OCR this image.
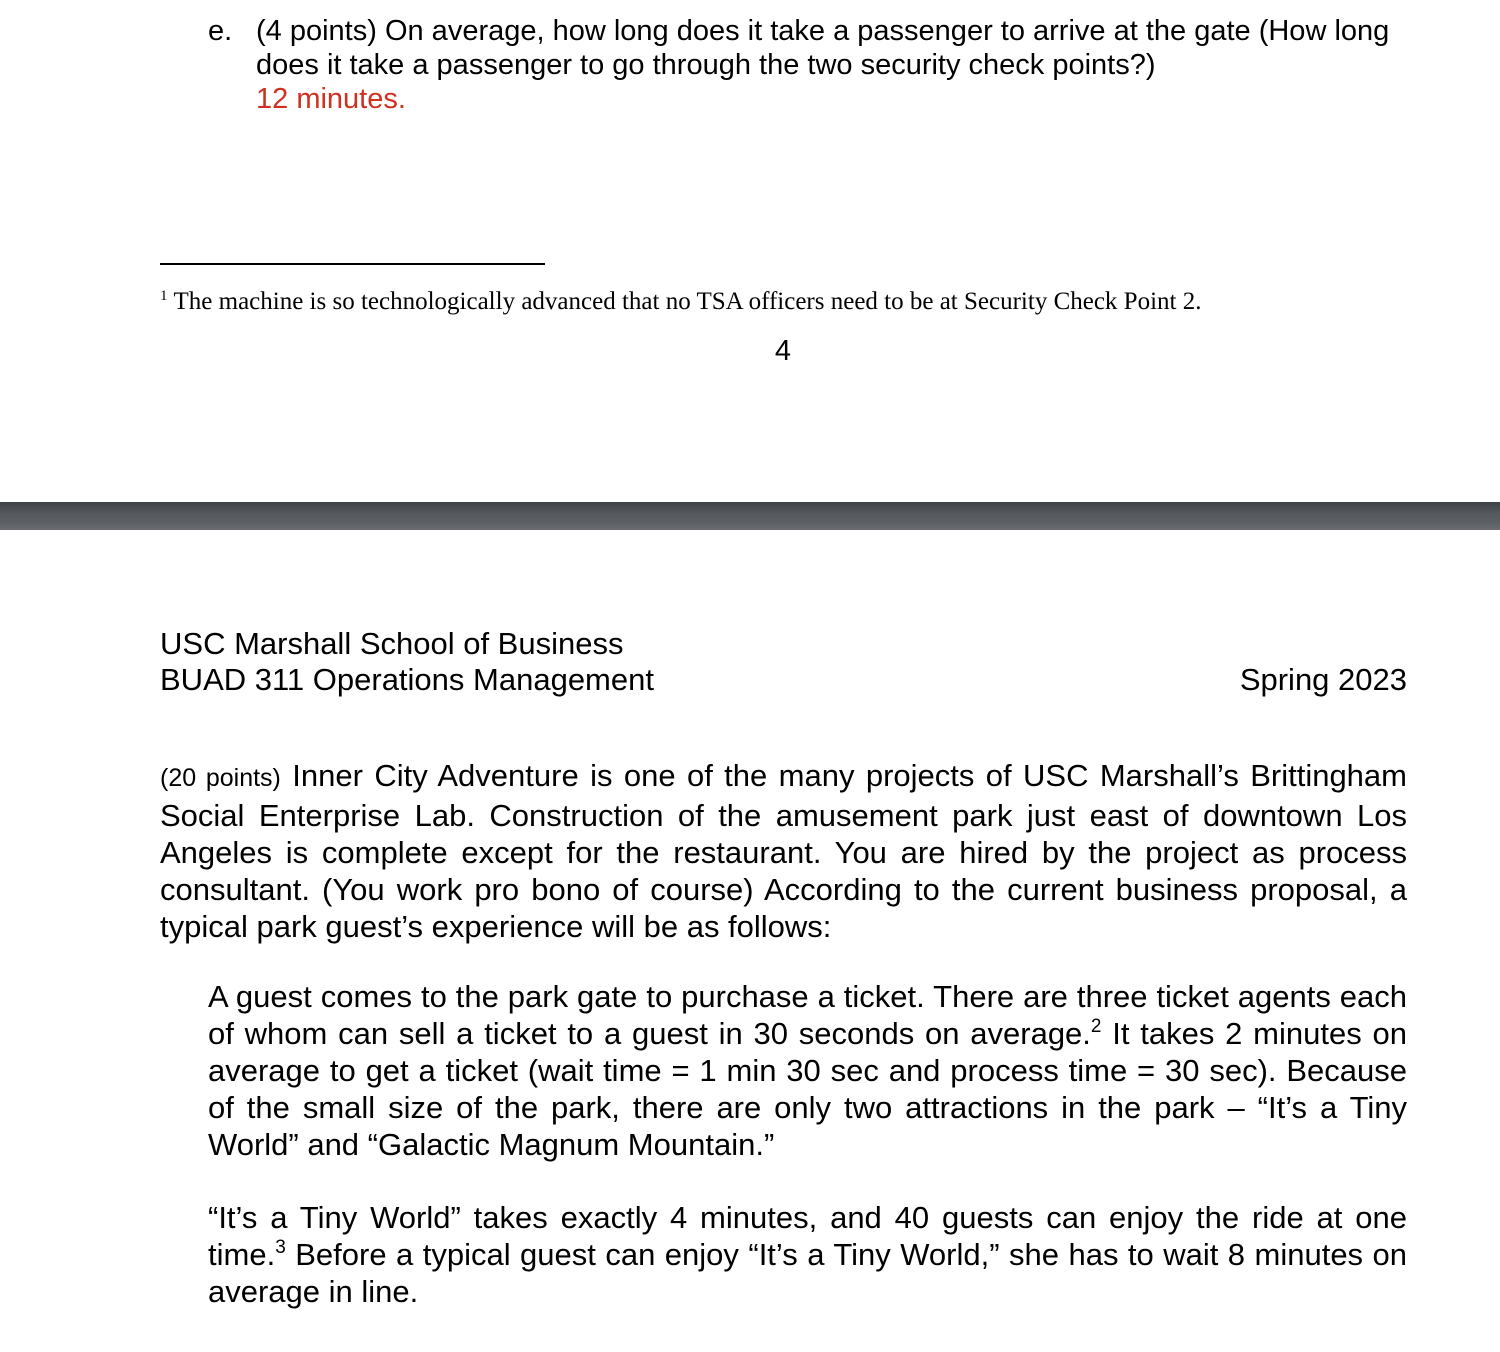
e. (4 points) On average, how long does it take a passenger to arrive at the gate (How long does it take a passenger to go through the two security check points?)
12 minutes.
$^1$ The machine is so technologically advanced that no TSA officers need to be at Security Check Point 2.
4
USC Marshall School of Business
BUAD 311 Operations Management	Spring 2023
(20 points) Inner City Adventure is one of the many projects of USC Marshall’s Brittingham Social Enterprise Lab. Construction of the amusement park just east of downtown Los Angeles is complete except for the restaurant. You are hired by the project as process consultant. (You work pro bono of course) According to the current business proposal, a typical park guest’s experience will be as follows:
A guest comes to the park gate to purchase a ticket. There are three ticket agents each of whom can sell a ticket to a guest in 30 seconds on average.$^2$ It takes 2 minutes on average to get a ticket (wait time = 1 min 30 sec and process time = 30 sec). Because of the small size of the park, there are only two attractions in the park – “It’s a Tiny World” and “Galactic Magnum Mountain.”
“It’s a Tiny World” takes exactly 4 minutes, and 40 guests can enjoy the ride at one time.$^3$ Before a typical guest can enjoy “It’s a Tiny World,” she has to wait 8 minutes on average in line.
